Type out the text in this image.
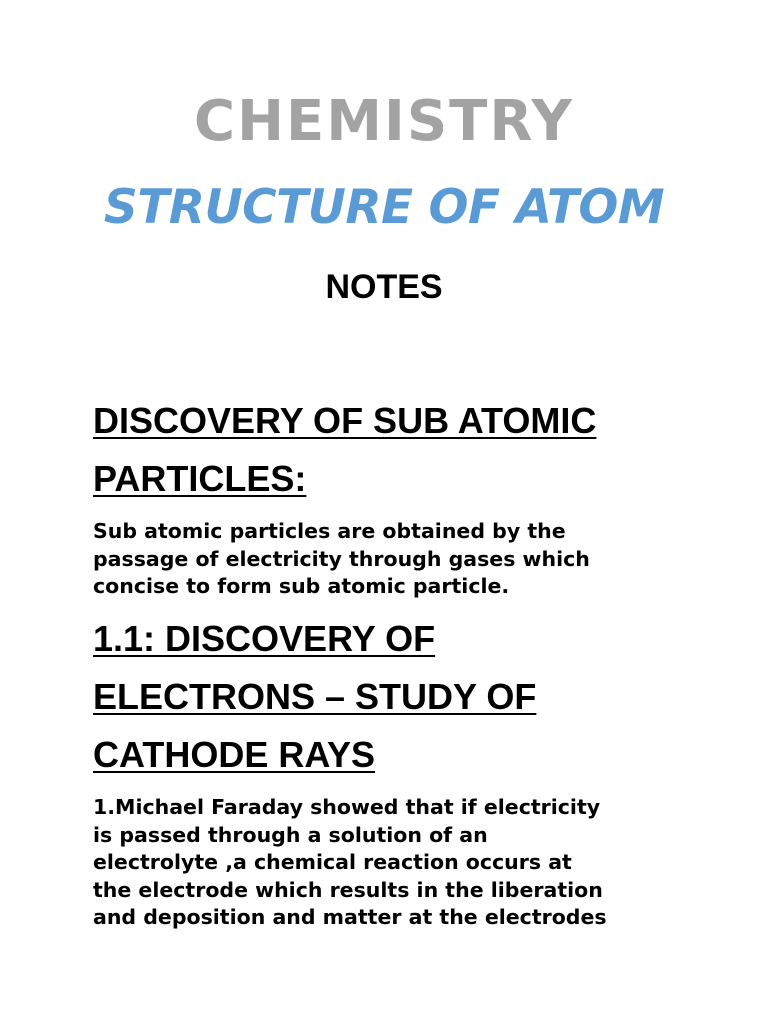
CHEMISTRY
STRUCTURE OF ATOM
NOTES
DISCOVERY OF SUB ATOMIC
PARTICLES:

Sub atomic particles are obtained by the
passage of electricity through gases which
concise to form sub atomic particle.

1.1: DISCOVERY OF
ELECTRONS – STUDY OF
CATHODE RAYS

1.Michael Faraday showed that if electricity
is passed through a solution of an
electrolyte ,a chemical reaction occurs at
the electrode which results in the liberation
and deposition and matter at the electrodes
